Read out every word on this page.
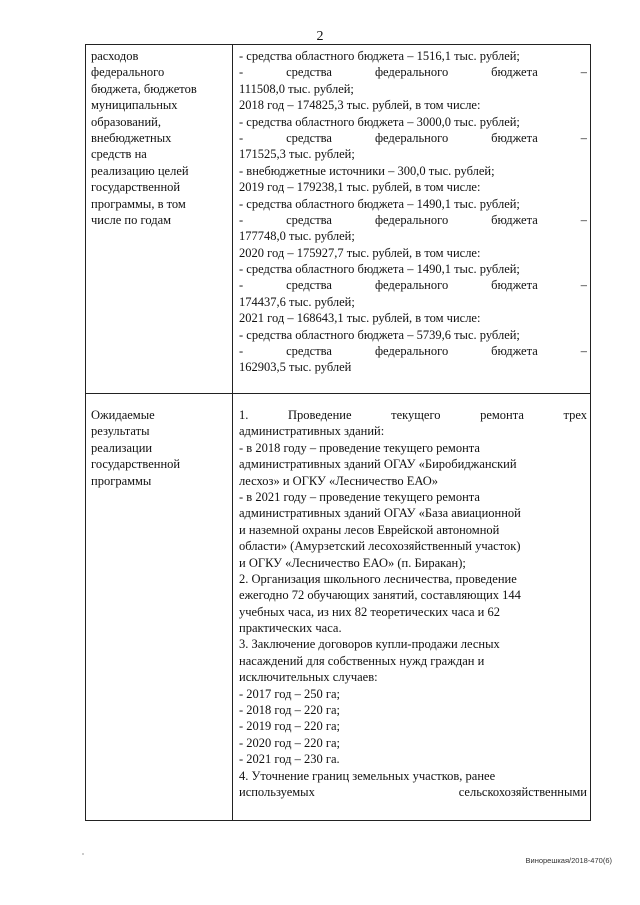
2
расходов
федерального
бюджета, бюджетов
муниципальных
образований,
внебюджетных
средств на
реализацию целей
государственной
программы, в том
числе по годам
- средства областного бюджета – 1516,1 тыс. рублей;
- средства федерального бюджета –
111508,0 тыс. рублей;
2018 год – 174825,3 тыс. рублей, в том числе:
- средства областного бюджета – 3000,0 тыс. рублей;
- средства федерального бюджета –
171525,3 тыс. рублей;
- внебюджетные источники – 300,0 тыс. рублей;
2019 год – 179238,1 тыс. рублей, в том числе:
- средства областного бюджета – 1490,1 тыс. рублей;
- средства федерального бюджета –
177748,0 тыс. рублей;
2020 год – 175927,7 тыс. рублей, в том числе:
- средства областного бюджета – 1490,1 тыс. рублей;
- средства федерального бюджета –
174437,6 тыс. рублей;
2021 год – 168643,1 тыс. рублей, в том числе:
- средства областного бюджета – 5739,6 тыс. рублей;
- средства федерального бюджета –
162903,5 тыс. рублей
Ожидаемые
результаты
реализации
государственной
программы
1. Проведение текущего ремонта трех
административных зданий:
- в 2018 году – проведение текущего ремонта
административных зданий ОГАУ «Биробиджанский
лесхоз» и ОГКУ «Лесничество ЕАО»
- в 2021 году – проведение текущего ремонта
административных зданий ОГАУ «База авиационной
и наземной охраны лесов Еврейской автономной
области» (Амурзетский лесохозяйственный участок)
и ОГКУ «Лесничество ЕАО» (п. Биракан);
2. Организация школьного лесничества, проведение
ежегодно 72 обучающих занятий, составляющих 144
учебных часа, из них 82 теоретических часа и 62
практических часа.
3. Заключение договоров купли-продажи лесных
насаждений для собственных нужд граждан и
исключительных случаев:
- 2017 год – 250 га;
- 2018 год – 220 га;
- 2019 год – 220 га;
- 2020 год – 220 га;
- 2021 год – 230 га.
4. Уточнение границ земельных участков, ранее
используемых сельскохозяйственными
Винорешкая/2018-470(6)
